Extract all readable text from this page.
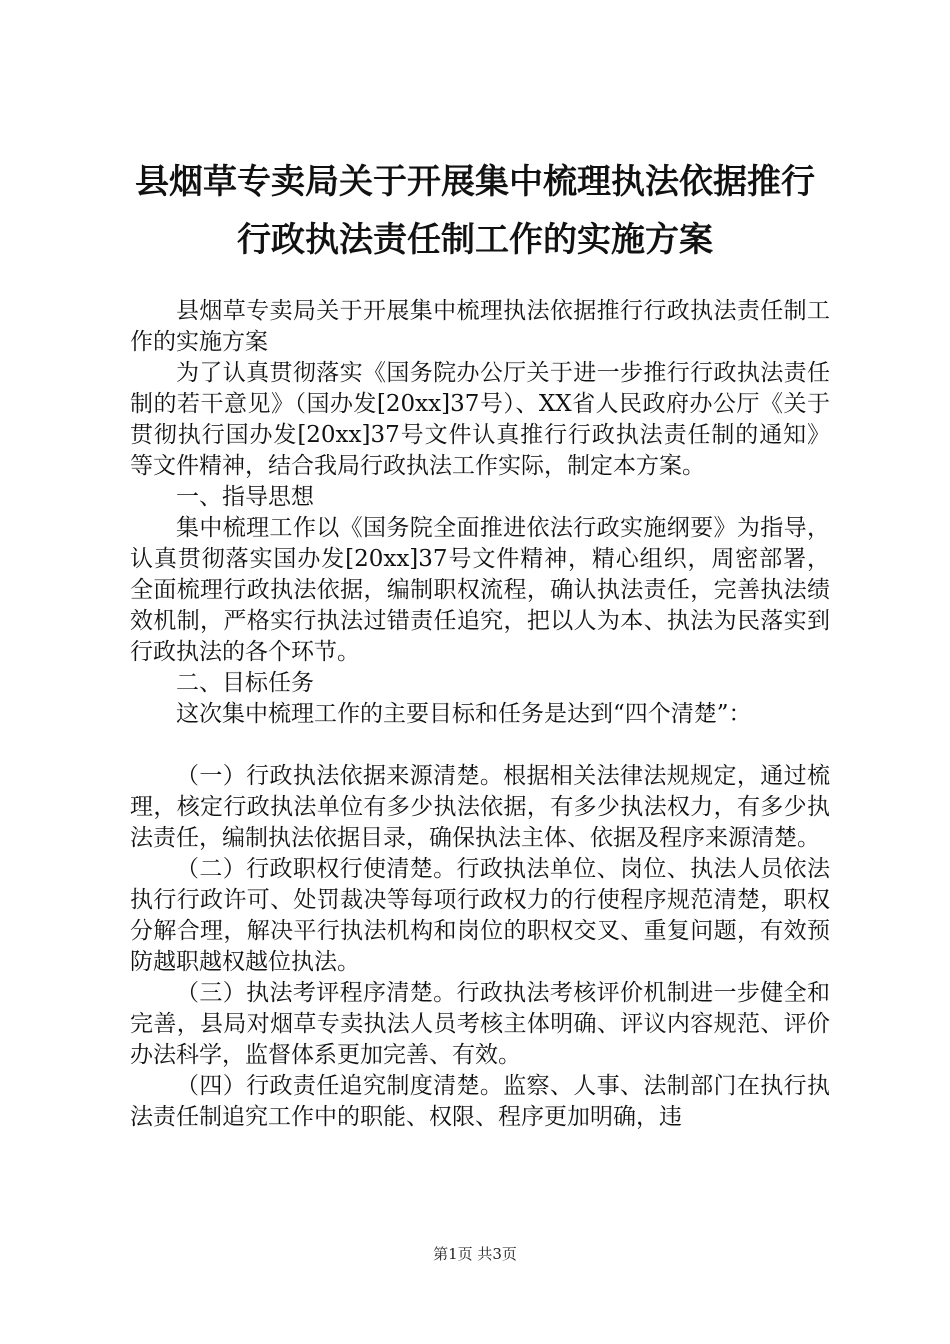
县烟草专卖局关于开展集中梳理执法依据推行
行政执法责任制工作的实施方案

县烟草专卖局关于开展集中梳理执法依据推行行政执法责任制工作的实施方案

为了认真贯彻落实《国务院办公厅关于进一步推行行政执法责任制的若干意见》（国办发[20xx]37号）、XX省人民政府办公厅《关于贯彻执行国办发[20xx]37号文件认真推行行政执法责任制的通知》等文件精神，结合我局行政执法工作实际，制定本方案。

一、指导思想

集中梳理工作以《国务院全面推进依法行政实施纲要》为指导，认真贯彻落实国办发[20xx]37号文件精神，精心组织，周密部署，全面梳理行政执法依据，编制职权流程，确认执法责任，完善执法绩效机制，严格实行执法过错责任追究，把以人为本、执法为民落实到行政执法的各个环节。

二、目标任务

这次集中梳理工作的主要目标和任务是达到“四个清楚”：

（一）行政执法依据来源清楚。根据相关法律法规规定，通过梳理，核定行政执法单位有多少执法依据，有多少执法权力，有多少执法责任，编制执法依据目录，确保执法主体、依据及程序来源清楚。

（二）行政职权行使清楚。行政执法单位、岗位、执法人员依法执行行政许可、处罚裁决等每项行政权力的行使程序规范清楚，职权分解合理，解决平行执法机构和岗位的职权交叉、重复问题，有效预防越职越权越位执法。

（三）执法考评程序清楚。行政执法考核评价机制进一步健全和完善，县局对烟草专卖执法人员考核主体明确、评议内容规范、评价办法科学，监督体系更加完善、有效。

（四）行政责任追究制度清楚。监察、人事、法制部门在执行执法责任制追究工作中的职能、权限、程序更加明确，违

第1页 共3页
